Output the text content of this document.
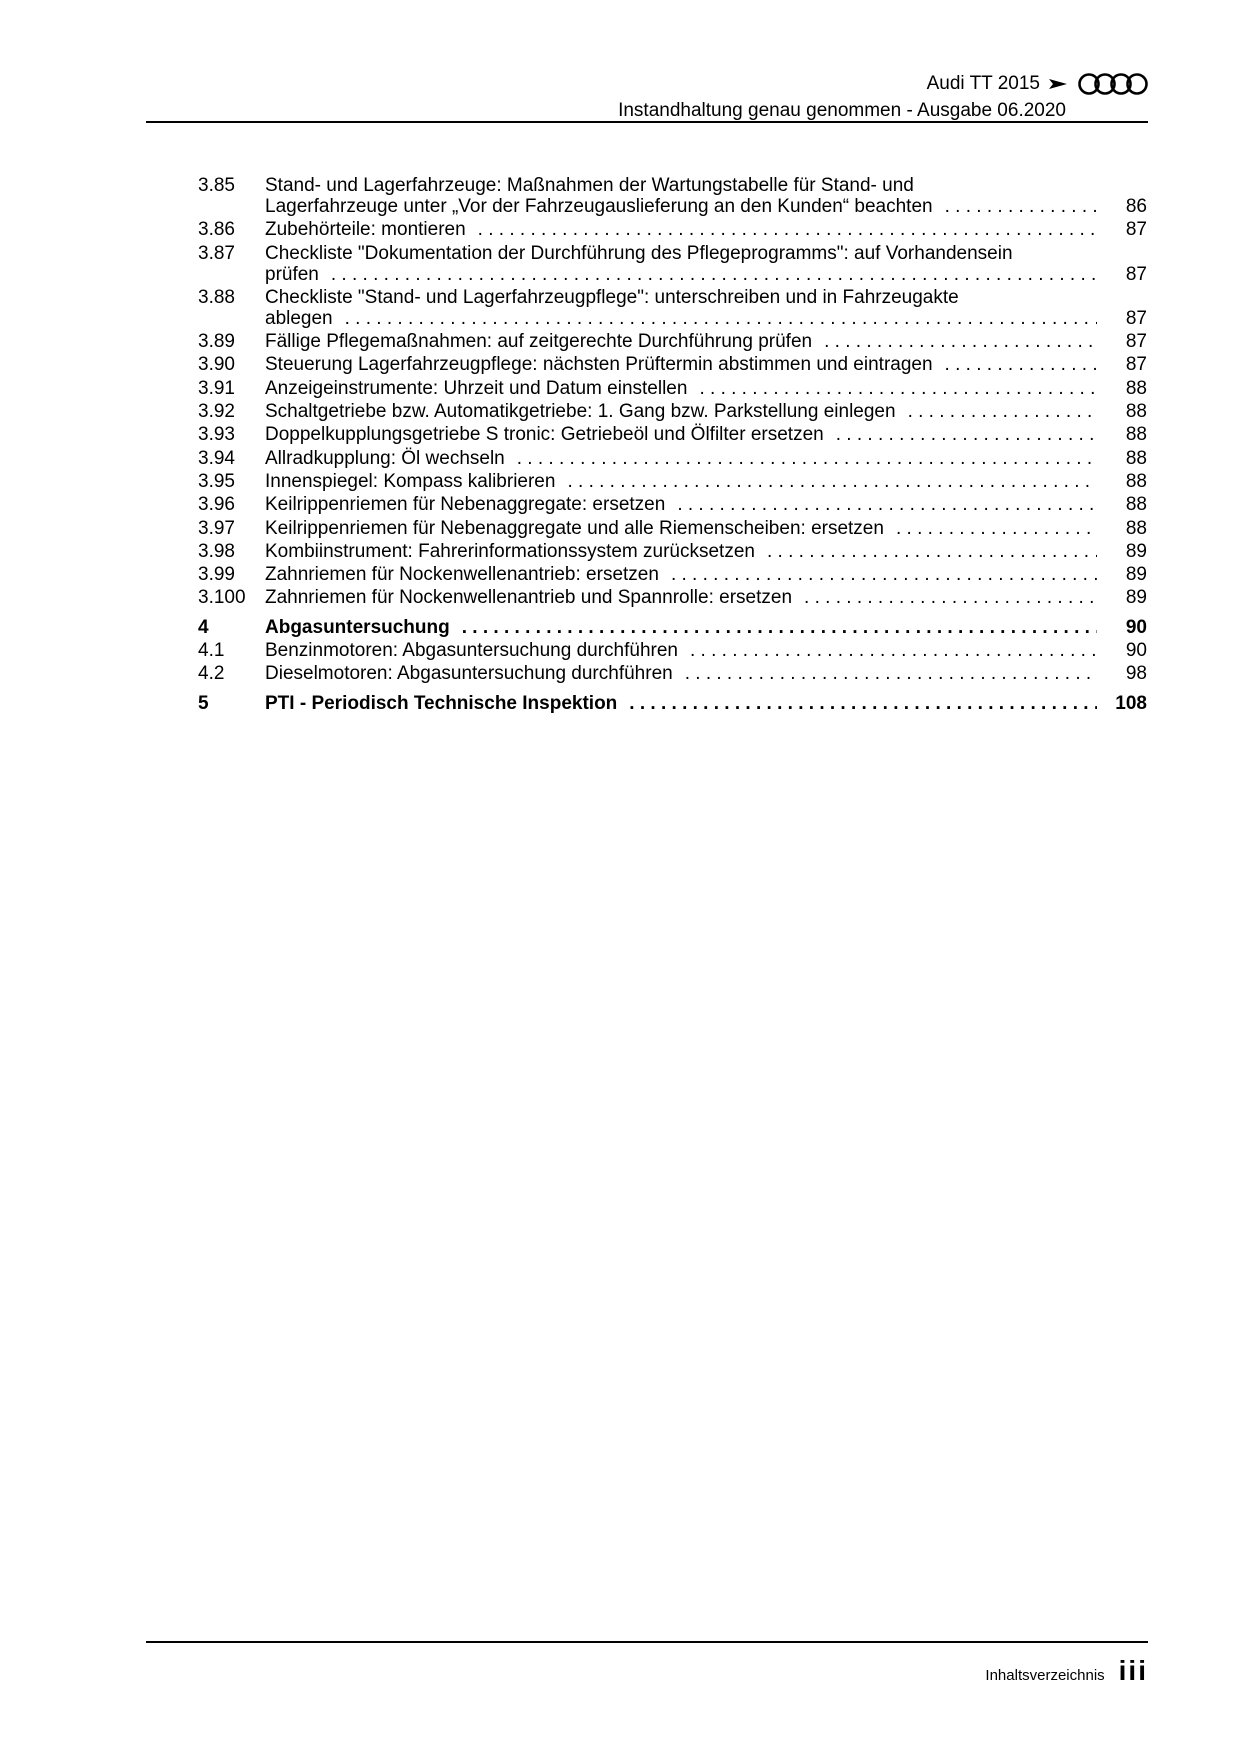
Audi TT 2015
Instandhaltung genau genommen - Ausgabe 06.2020
3.85	Stand- und Lagerfahrzeuge: Maßnahmen der Wartungstabelle für Stand- und
Lagerfahrzeuge unter „Vor der Fahrzeugauslieferung an den Kunden“ beachten . . .	86
3.86	Zubehörteile: montieren . . .	87
3.87	Checkliste "Dokumentation der Durchführung des Pflegeprogramms": auf Vorhandensein
prüfen . . .	87
3.88	Checkliste "Stand- und Lagerfahrzeugpflege": unterschreiben und in Fahrzeugakte
ablegen . . .	87
3.89	Fällige Pflegemaßnahmen: auf zeitgerechte Durchführung prüfen . . .	87
3.90	Steuerung Lagerfahrzeugpflege: nächsten Prüftermin abstimmen und eintragen . . .	87
3.91	Anzeigeinstrumente: Uhrzeit und Datum einstellen . . .	88
3.92	Schaltgetriebe bzw. Automatikgetriebe: 1. Gang bzw. Parkstellung einlegen . . .	88
3.93	Doppelkupplungsgetriebe S tronic: Getriebeöl und Ölfilter ersetzen . . .	88
3.94	Allradkupplung: Öl wechseln . . .	88
3.95	Innenspiegel: Kompass kalibrieren . . .	88
3.96	Keilrippenriemen für Nebenaggregate: ersetzen . . .	88
3.97	Keilrippenriemen für Nebenaggregate und alle Riemenscheiben: ersetzen . . .	88
3.98	Kombiinstrument: Fahrerinformationssystem zurücksetzen . . .	89
3.99	Zahnriemen für Nockenwellenantrieb: ersetzen . . .	89
3.100	Zahnriemen für Nockenwellenantrieb und Spannrolle: ersetzen . . .	89
4	Abgasuntersuchung . . .	90
4.1	Benzinmotoren: Abgasuntersuchung durchführen . . .	90
4.2	Dieselmotoren: Abgasuntersuchung durchführen . . .	98
5	PTI - Periodisch Technische Inspektion . . .	108
Inhaltsverzeichnis iii
